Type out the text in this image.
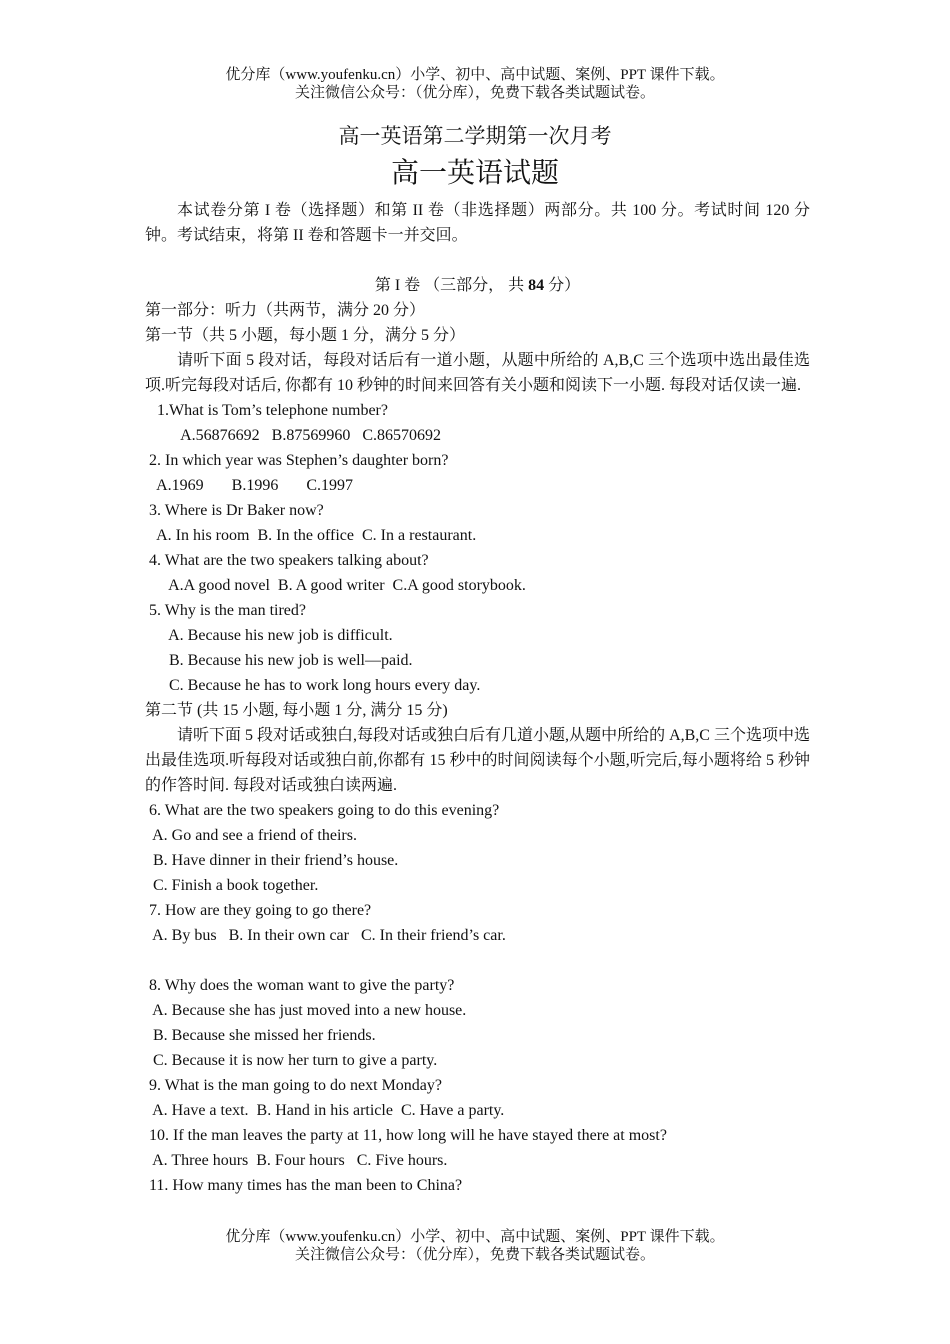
优分库（www.youfenku.cn）小学、初中、高中试题、案例、PPT 课件下载。
关注微信公众号：（优分库），免费下载各类试题试卷。
高一英语第二学期第一次月考
高一英语试题
本试卷分第 I 卷（选择题）和第 II 卷（非选择题）两部分。共 100 分。考试时间 120 分钟。考试结束，将第 II 卷和答题卡一并交回。
第 I 卷 （三部分， 共 84 分）
第一部分：听力（共两节，满分 20 分）
第一节（共 5 小题，每小题 1 分，满分 5 分）
请听下面 5 段对话，每段对话后有一道小题，从题中所给的 A,B,C 三个选项中选出最佳选项.听完每段对话后, 你都有 10 秒钟的时间来回答有关小题和阅读下一小题. 每段对话仅读一遍.
1.What is Tom’s telephone number?
A.56876692   B.87569960   C.86570692
2. In which year was Stephen’s daughter born?
A.1969       B.1996       C.1997
3. Where is Dr Baker now?
A. In his room  B. In the office  C. In a restaurant.
4. What are the two speakers talking about?
A.A good novel  B. A good writer  C.A good storybook.
5. Why is the man tired?
A. Because his new job is difficult.
B. Because his new job is well—paid.
C. Because he has to work long hours every day.
第二节 (共 15 小题, 每小题 1 分, 满分 15 分)
请听下面 5 段对话或独白,每段对话或独白后有几道小题,从题中所给的 A,B,C 三个选项中选出最佳选项.听每段对话或独白前,你都有 15 秒中的时间阅读每个小题,听完后,每小题将给 5 秒钟的作答时间. 每段对话或独白读两遍.
6. What are the two speakers going to do this evening?
A. Go and see a friend of theirs.
B. Have dinner in their friend’s house.
C. Finish a book together.
7. How are they going to go there?
A. By bus   B. In their own car   C. In their friend’s car.
8. Why does the woman want to give the party?
A. Because she has just moved into a new house.
B. Because she missed her friends.
C. Because it is now her turn to give a party.
9. What is the man going to do next Monday?
A. Have a text.  B. Hand in his article  C. Have a party.
10. If the man leaves the party at 11, how long will he have stayed there at most?
A. Three hours  B. Four hours   C. Five hours.
11. How many times has the man been to China?
优分库（www.youfenku.cn）小学、初中、高中试题、案例、PPT 课件下载。
关注微信公众号：（优分库），免费下载各类试题试卷。
